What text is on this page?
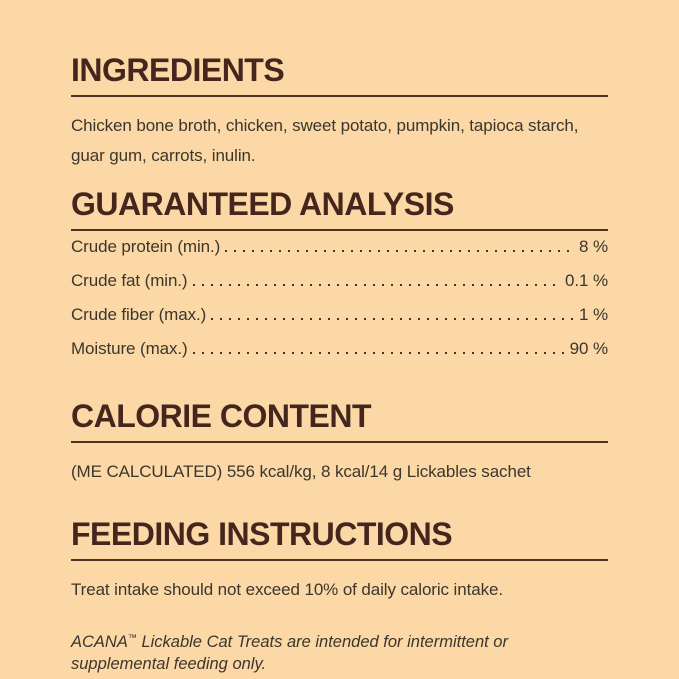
INGREDIENTS

Chicken bone broth, chicken, sweet potato, pumpkin, tapioca starch, guar gum, carrots, inulin.

GUARANTEED ANALYSIS
Crude protein (min.)	8 %
Crude fat (min.)	0.1 %
Crude fiber (max.)	1 %
Moisture (max.)	90 %
CALORIE CONTENT

(ME CALCULATED) 556 kcal/kg, 8 kcal/14 g Lickables sachet

FEEDING INSTRUCTIONS

Treat intake should not exceed 10% of daily caloric intake.

ACANA™ Lickable Cat Treats are intended for intermittent or supplemental feeding only.
